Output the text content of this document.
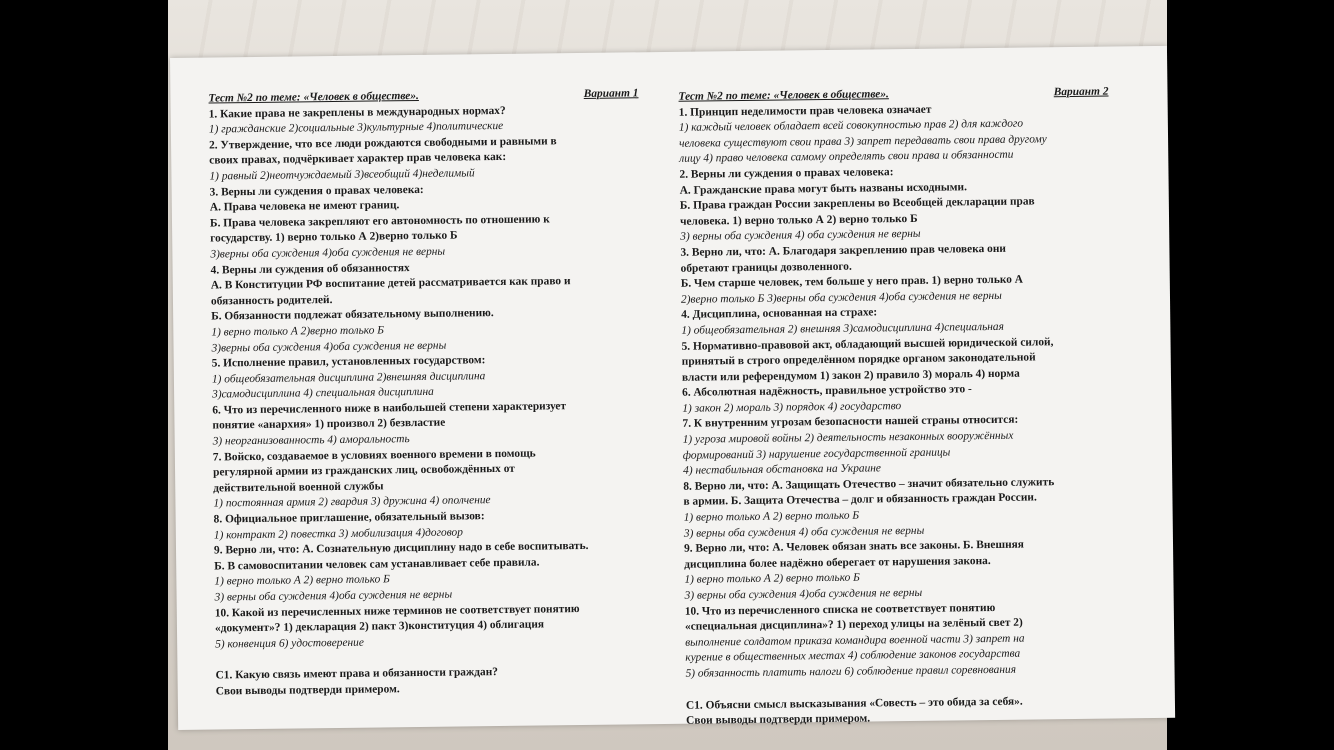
Тест №2 по теме: «Человек в обществе».	Вариант 1
1. Какие права не закреплены в международных нормах?
1) гражданские 2)социальные 3)культурные 4)политические
2. Утверждение, что все люди рождаются свободными и равными в
своих правах, подчёркивает характер прав человека как:
1) равный 2)неотчуждаемый 3)всеобщий 4)неделимый
3. Верны ли суждения о правах человека:
А. Права человека не имеют границ.
Б. Права человека закрепляют его автономность по отношению к
государству. 1) верно только А 2)верно только Б
3)верны оба суждения 4)оба суждения не верны
4. Верны ли суждения об обязанностях
А. В Конституции РФ воспитание детей рассматривается как право и
обязанность родителей.
Б. Обязанности подлежат обязательному выполнению.
1) верно только А 2)верно только Б
3)верны оба суждения 4)оба суждения не верны
5. Исполнение правил, установленных государством:
1) общеобязательная дисциплина 2)внешняя дисциплина
3)самодисциплина 4) специальная дисциплина
6. Что из перечисленного ниже в наибольшей степени характеризует
понятие «анархия» 1) произвол 2) безвластие
3) неорганизованность 4) аморальность
7. Войско, создаваемое в условиях военного времени в помощь
регулярной армии из гражданских лиц, освобождённых от
действительной военной службы
1) постоянная армия 2) гвардия 3) дружина 4) ополчение
8. Официальное приглашение, обязательный вызов:
1) контракт 2) повестка 3) мобилизация 4)договор
9. Верно ли, что: А. Сознательную дисциплину надо в себе воспитывать.
Б. В самовоспитании человек сам устанавливает себе правила.
1) верно только А 2) верно только Б
3) верны оба суждения 4)оба суждения не верны
10. Какой из перечисленных ниже терминов не соответствует понятию
«документ»? 1) декларация 2) пакт 3)конституция 4) облигация
5) конвенция 6) удостоверение
С1. Какую связь имеют права и обязанности граждан?
Свои выводы подтверди примером.
Тест №2 по теме: «Человек в обществе».	Вариант 2
1. Принцип неделимости прав человека означает
1) каждый человек обладает всей совокупностью прав 2) для каждого
человека существуют свои права 3) запрет передавать свои права другому
лицу 4) право человека самому определять свои права и обязанности
2. Верны ли суждения о правах человека:
А. Гражданские права могут быть названы исходными.
Б. Права граждан России закреплены во Всеобщей декларации прав
человека. 1) верно только А 2) верно только Б
3) верны оба суждения 4) оба суждения не верны
3. Верно ли, что: А. Благодаря закреплению прав человека они
обретают границы дозволенного.
Б. Чем старше человек, тем больше у него прав. 1) верно только А
2)верно только Б 3)верны оба суждения 4)оба суждения не верны
4. Дисциплина, основанная на страхе:
1) общеобязательная 2) внешняя 3)самодисциплина 4)специальная
5. Нормативно-правовой акт, обладающий высшей юридической силой,
принятый в строго определённом порядке органом законодательной
власти или референдумом 1) закон 2) правило 3) мораль 4) норма
6. Абсолютная надёжность, правильное устройство это -
1) закон 2) мораль 3) порядок 4) государство
7. К внутренним угрозам безопасности нашей страны относится:
1) угроза мировой войны 2) деятельность незаконных вооружённых
формирований 3) нарушение государственной границы
4) нестабильная обстановка на Украине
8. Верно ли, что: А. Защищать Отечество – значит обязательно служить
в армии. Б. Защита Отечества – долг и обязанность граждан России.
1) верно только А 2) верно только Б
3) верны оба суждения 4) оба суждения не верны
9. Верно ли, что: А. Человек обязан знать все законы. Б. Внешняя
дисциплина более надёжно оберегает от нарушения закона.
1) верно только А 2) верно только Б
3) верны оба суждения 4)оба суждения не верны
10. Что из перечисленного списка не соответствует понятию
«специальная дисциплина»? 1) переход улицы на зелёный свет 2)
выполнение солдатом приказа командира военной части 3) запрет на
курение в общественных местах 4) соблюдение законов государства
5) обязанность платить налоги 6) соблюдение правил соревнования
С1. Объясни смысл высказывания «Совесть – это обида за себя».
Свои выводы подтверди примером.
